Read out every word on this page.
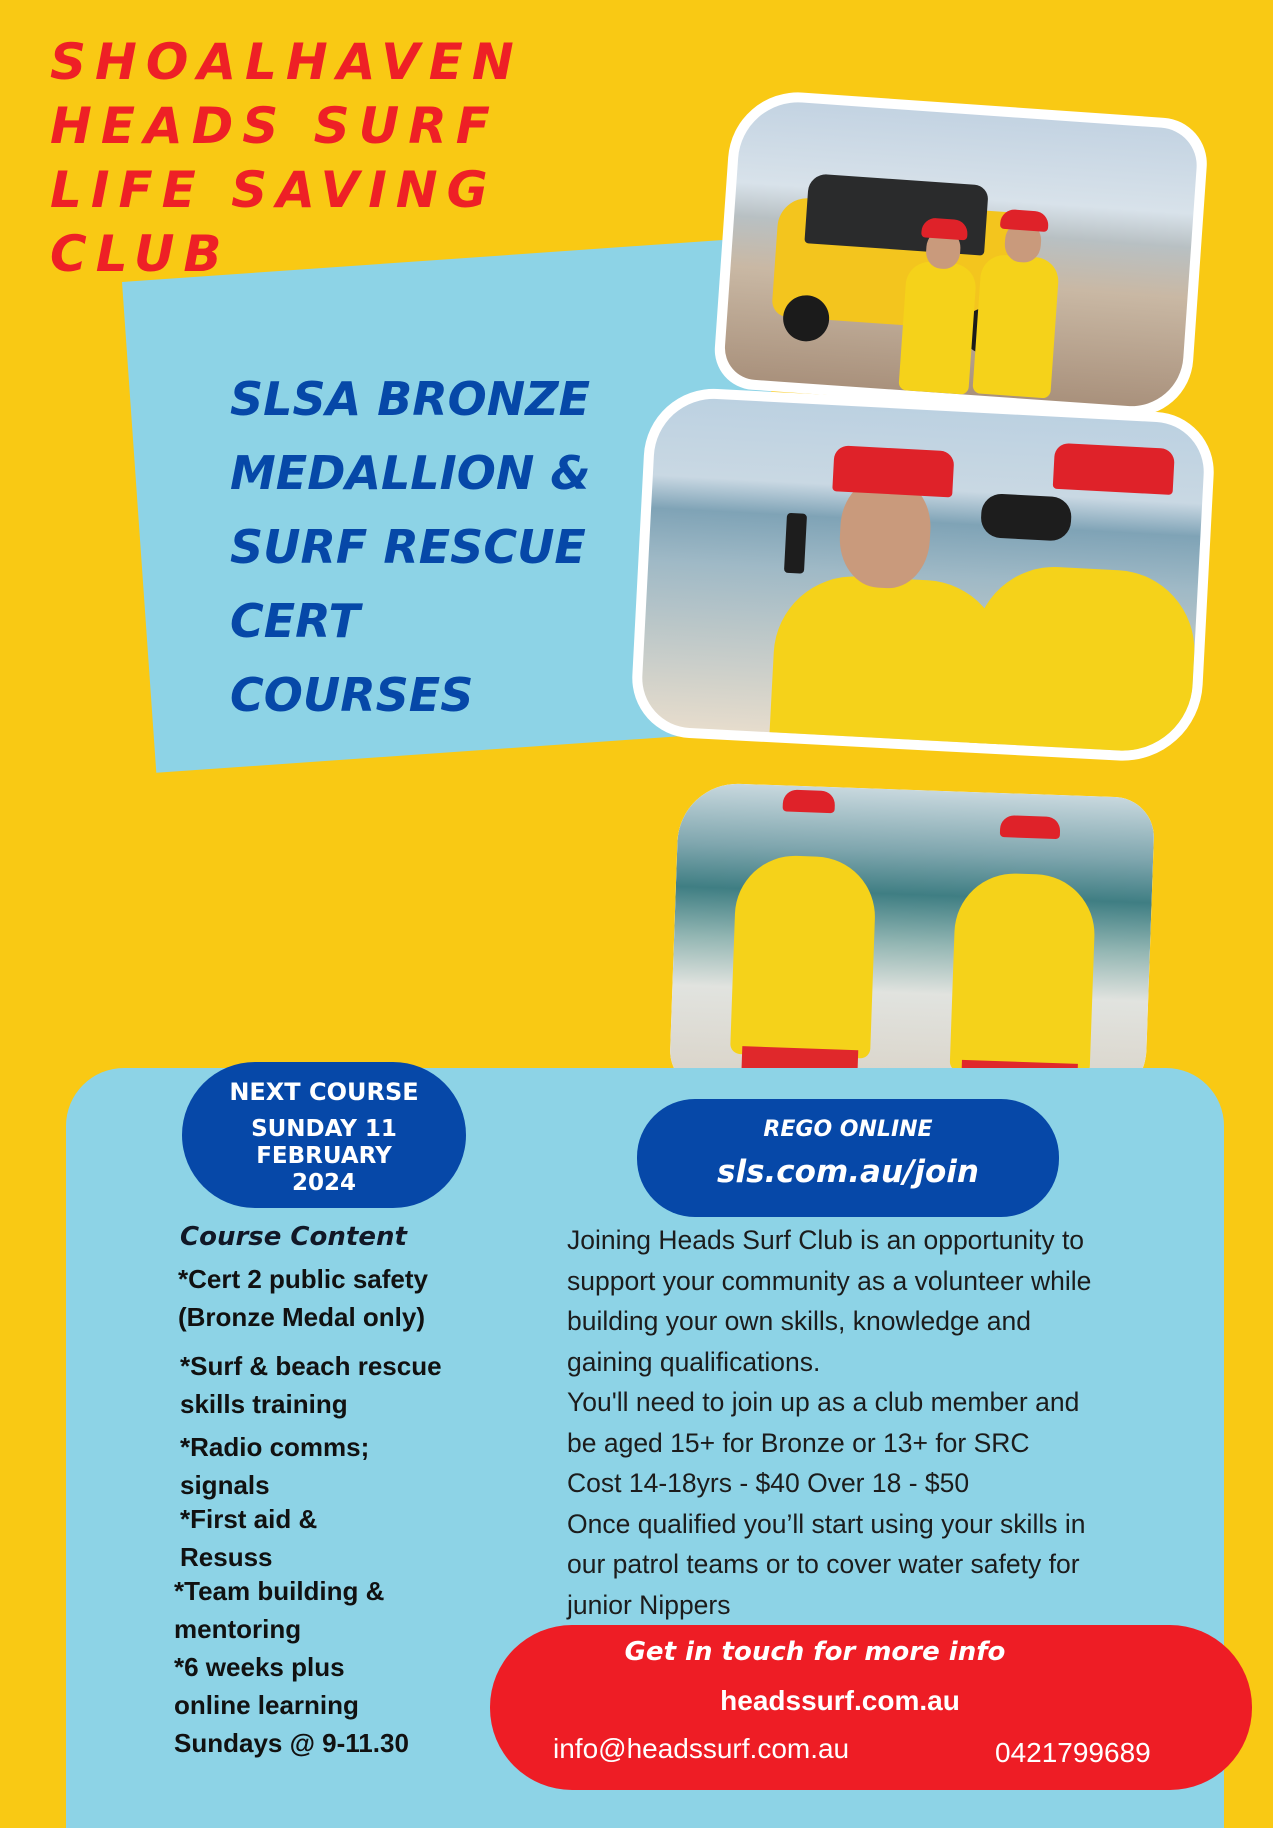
SHOALHAVEN
HEADS SURF
LIFE SAVING
CLUB
SLSA BRONZE
MEDALLION &
SURF RESCUE
CERT
COURSES
NEXT COURSE
SUNDAY 11 FEBRUARY 2024
REGO ONLINE
sls.com.au/join
Course Content

*Cert 2 public safety

(Bronze Medal only)

*Surf & beach rescue

skills training

*Radio comms;

signals

*First aid &

Resuss

*Team building &

mentoring

*6 weeks plus

online learning

Sundays @ 9-11.30

Joining Heads Surf Club is an opportunity to
support your community as a volunteer while
building your own skills, knowledge and
gaining qualifications.
You'll need to join up as a club member and
be aged 15+ for Bronze or 13+ for SRC
Cost 14-18yrs - $40 Over 18 - $50
Once qualified you’ll start using your skills in
our patrol teams or to cover water safety for
junior Nippers

Get in touch for more info
headssurf.com.au
info@headssurf.com.au	0421799689
